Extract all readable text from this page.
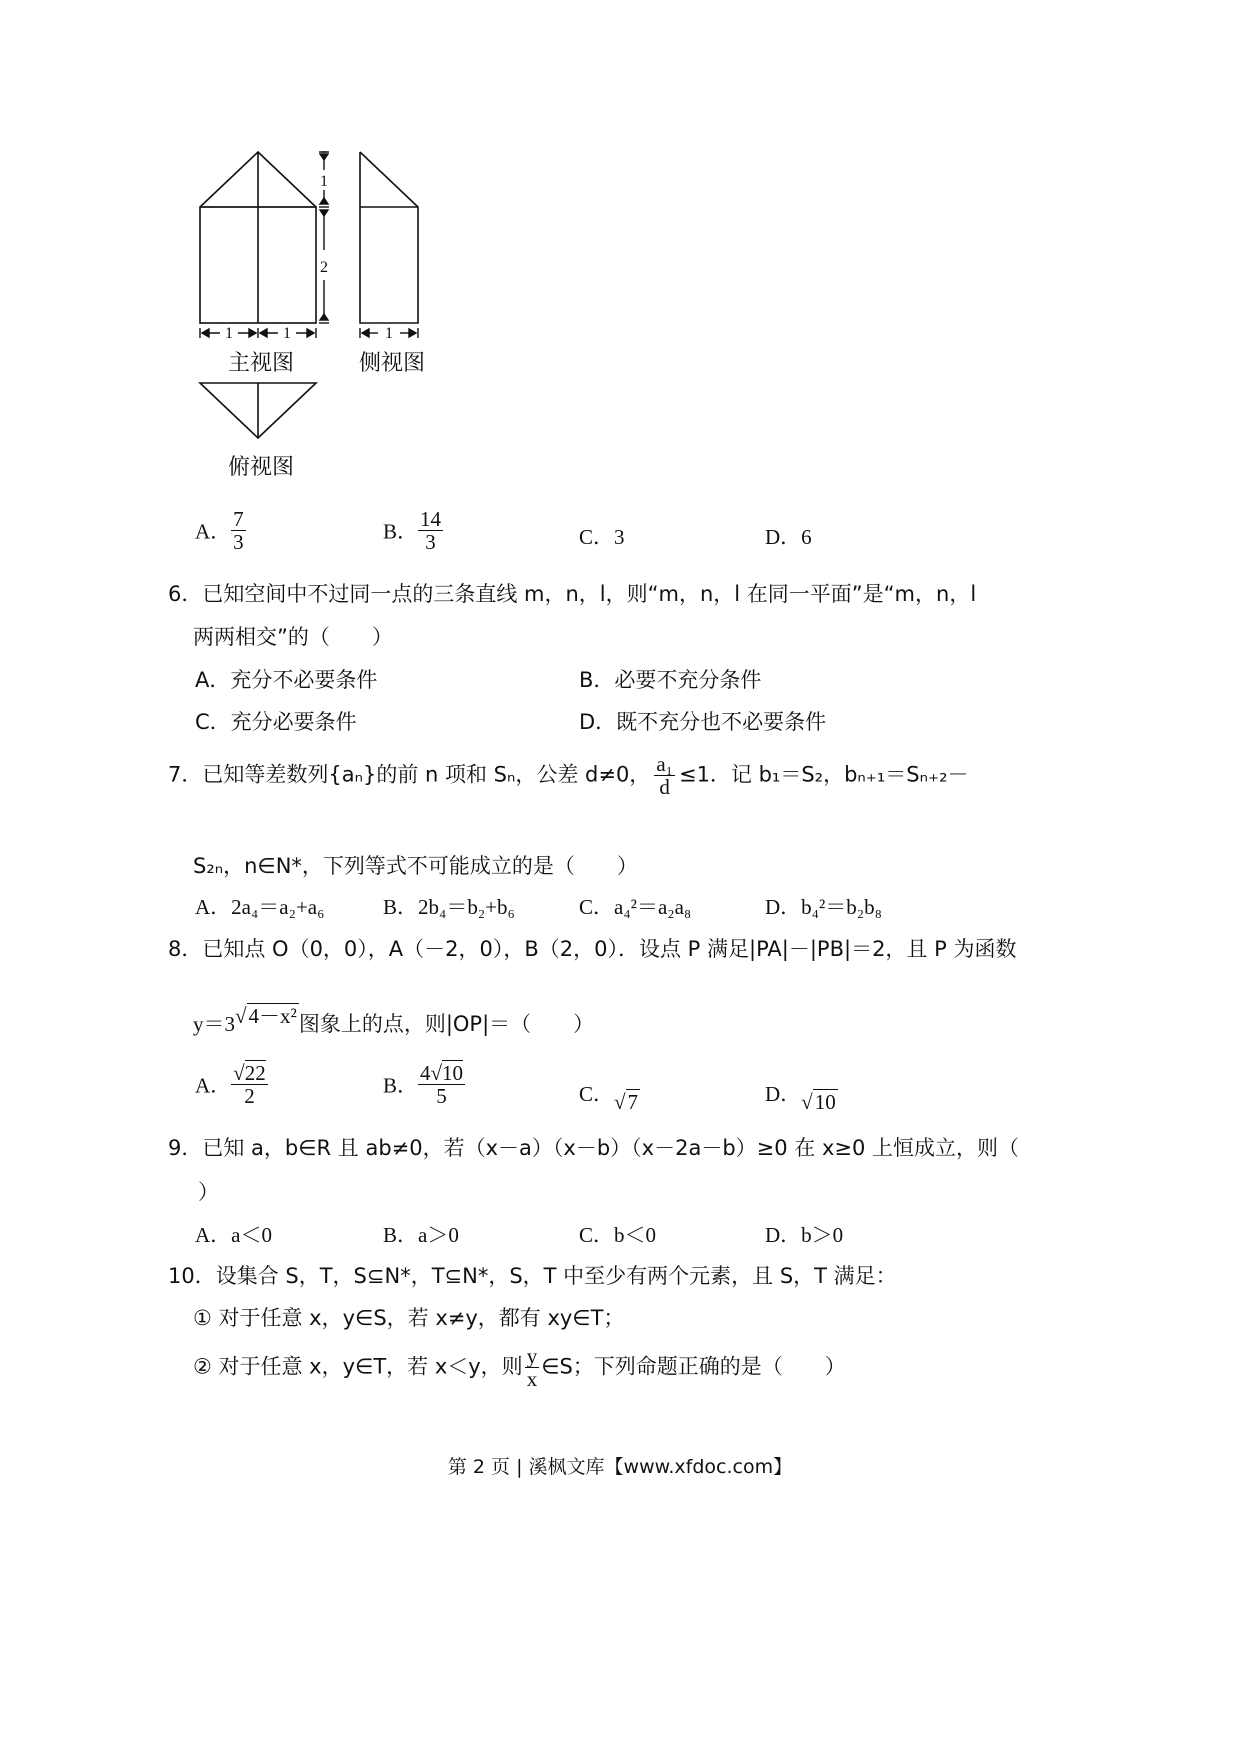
1
2
1	1	1
主视图	侧视图
俯视图
A． $\frac{7}{3}$	B． $\frac{14}{3}$	C．3	D．6
6．已知空间中不过同一点的三条直线 m，n，l，则“m，n，l 在同一平面”是“m，n，l
两两相交”的（　　）
A．充分不必要条件	B．必要不充分条件
C．充分必要条件	D．既不充分也不必要条件
7．已知等差数列{aₙ}的前 n 项和 Sₙ，公差 d≠0， $\frac{\text{a₁}}{d} \le 1$．记 b₁＝S₂，bₙ₊₁＝Sₙ₊₂－
S₂ₙ，n∈N*，下列等式不可能成立的是（　　）
A．2a₄＝a₂+a₆	B．2b₄＝b₂+b₆	C．a₄²＝a₂a₈	D．b₄²＝b₂b₈
8．已知点 O（0，0），A（－2，0），B（2，0）．设点 P 满足|PA|－|PB|＝2，且 P 为函数
y＝3√4－x²图象上的点，则|OP|＝（　　）
A． $\frac{√22}{2}$	B． $\frac{4√10}{5}$	C．√7	D．√10
9．已知 a，b∈R 且 ab≠0，若（x－a）（x－b）（x－2a－b）≥0 在 x≥0 上恒成立，则（
）
A．a＜0	B．a＞0	C．b＜0	D．b＞0
10．设集合 S，T，S⊆N*，T⊆N*，S，T 中至少有两个元素，且 S，T 满足：
① 对于任意 x，y∈S，若 x≠y，都有 xy∈T；
② 对于任意 x，y∈T，若 x＜y，则 $\frac{y}{x}$ ∈S；下列命题正确的是（　　）
第 2 页 | 溪枫文库【www.xfdoc.com】
